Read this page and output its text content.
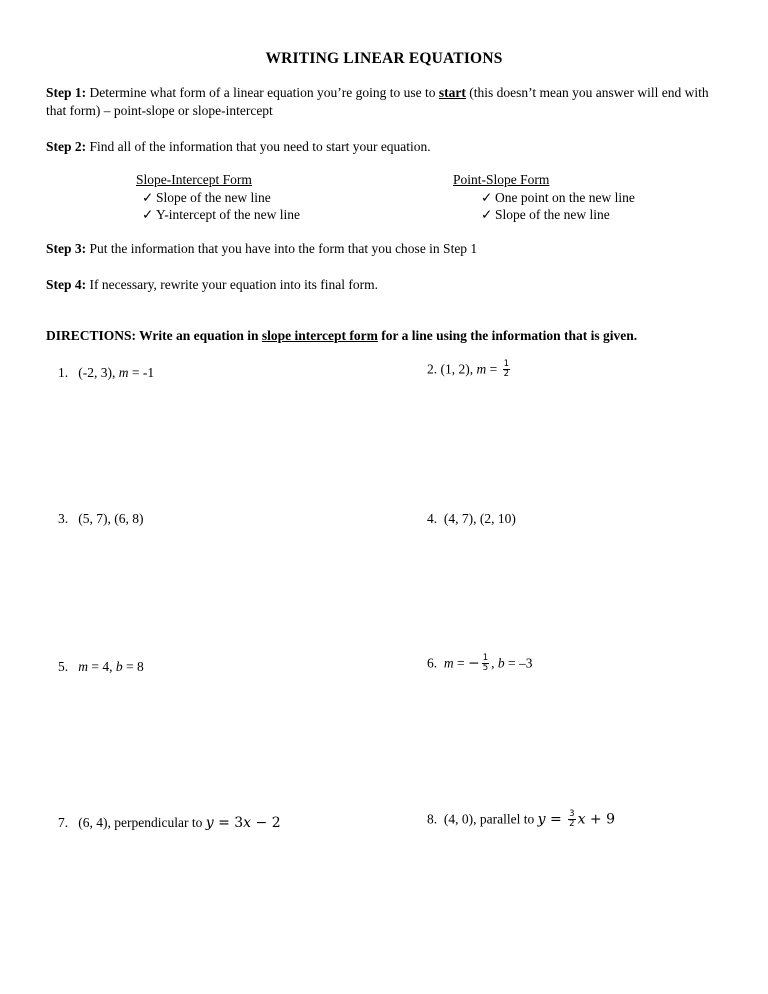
WRITING LINEAR EQUATIONS
Step 1: Determine what form of a linear equation you’re going to use to start (this doesn’t mean you answer will end with that form) – point-slope or slope-intercept
Step 2: Find all of the information that you need to start your equation.
Slope-Intercept Form
✓ Slope of the new line
✓ Y-intercept of the new line
Point-Slope Form
✓ One point on the new line
✓ Slope of the new line
Step 3: Put the information that you have into the form that you chose in Step 1
Step 4: If necessary, rewrite your equation into its final form.
DIRECTIONS: Write an equation in slope intercept form for a line using the information that is given.
1. (-2, 3), m = -1	2. (1, 2), $m = \frac{1}{2}$
3. (5, 7), (6, 8)	4. (4, 7), (2, 10)
5. m = 4, b = 8	6. m = − $\frac{1}{5}$ , b = –3
7. (6, 4), perpendicular to y = 3x − 2	8. (4, 0), parallel to $y = \frac{3}{2}$ x + 9
